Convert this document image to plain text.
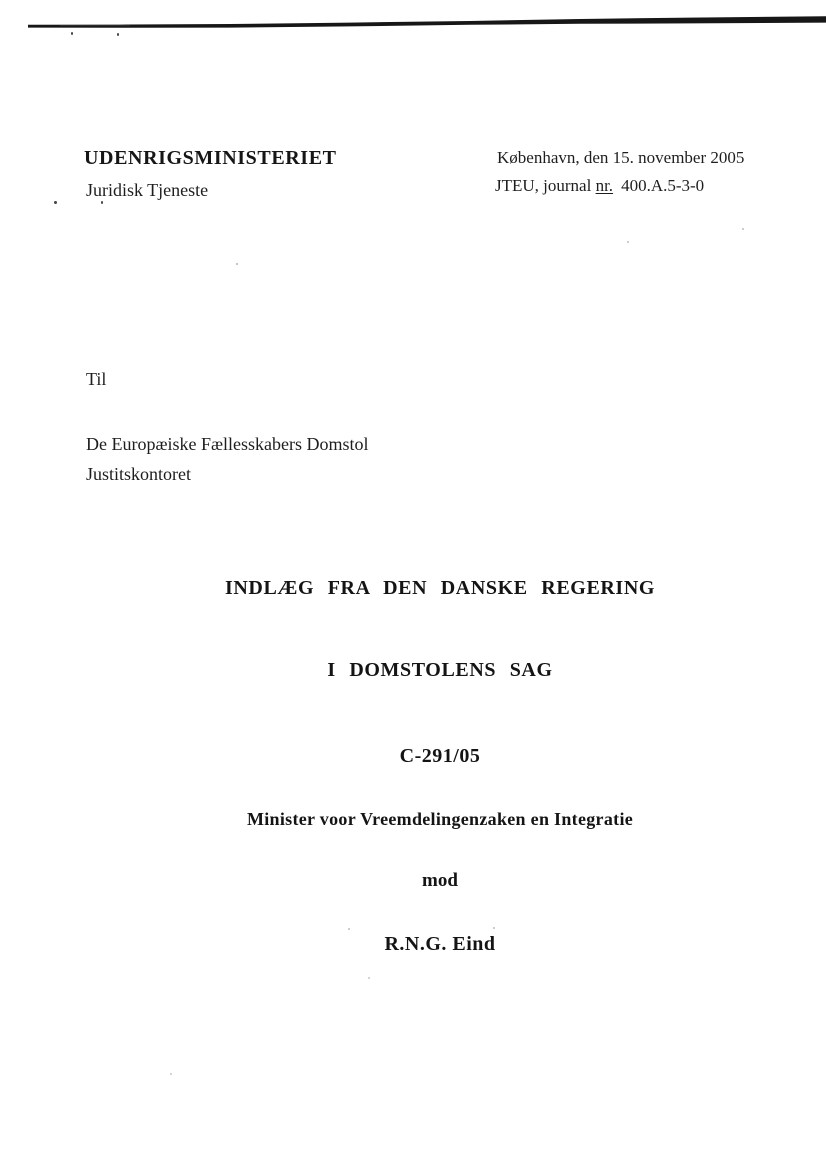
UDENRIGSMINISTERIET
Juridisk Tjeneste
København, den 15. november 2005
JTEU, journal nr. 400.A.5-3-0
Til
De Europæiske Fællesskabers Domstol
Justitskontoret
INDLÆG FRA DEN DANSKE REGERING
I DOMSTOLENS SAG
C-291/05
Minister voor Vreemdelingenzaken en Integratie
mod
R.N.G. Eind
